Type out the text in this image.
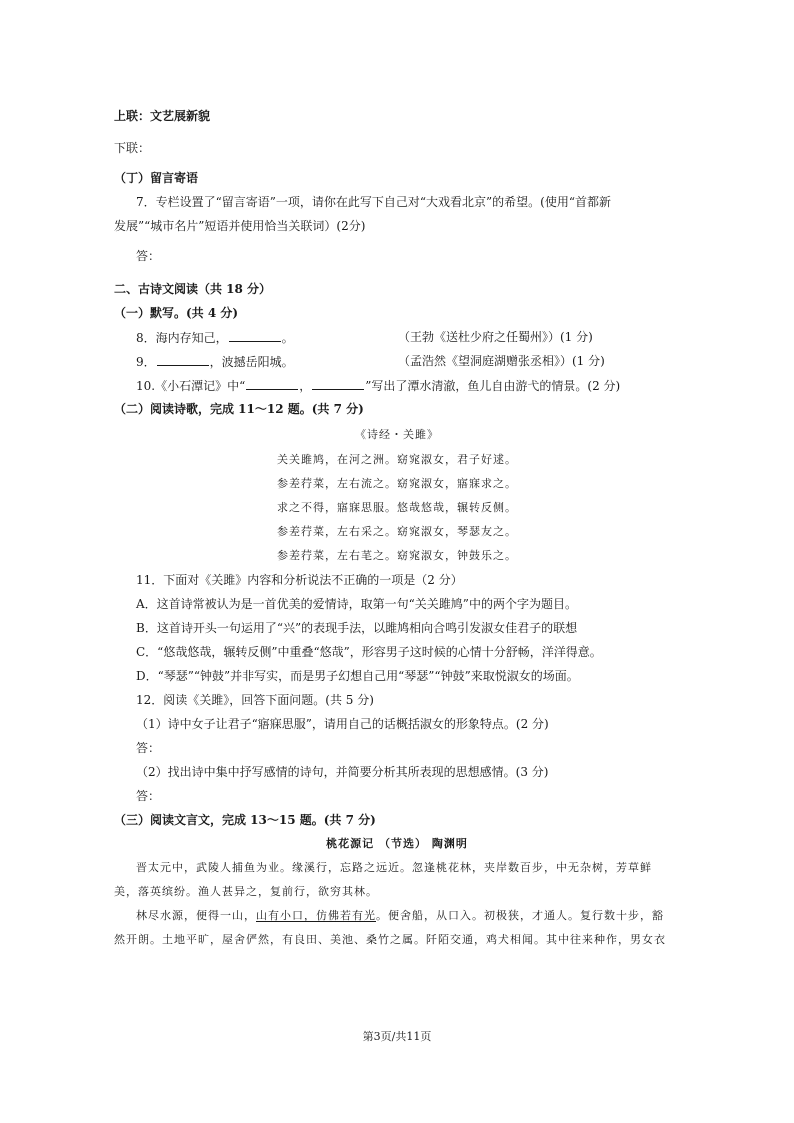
上联：文艺展新貌
下联：
（丁）留言寄语
7．专栏设置了“留言寄语”一项，请你在此写下自己对“大戏看北京”的希望。(使用“首都新
发展”“城市名片”短语并使用恰当关联词）(2分)
答：
二、古诗文阅读（共 18 分）
（一）默写。(共 4 分)
8．海内存知己，	。	（王勃《送杜少府之任蜀州》）(1 分)
9．	，波撼岳阳城。	（孟浩然《望洞庭湖赠张丞相》）(1 分)
10.《小石潭记》中“	，	”写出了潭水清澈，鱼儿自由游弋的情景。(2 分)
（二）阅读诗歌，完成 11～12 题。(共 7 分)
《诗经・关雎》
关关雎鸠，在河之洲。窈窕淑女，君子好逑。
参差荇菜，左右流之。窈窕淑女，寤寐求之。
求之不得，寤寐思服。悠哉悠哉，辗转反侧。
参差荇菜，左右采之。窈窕淑女，琴瑟友之。
参差荇菜，左右芼之。窈窕淑女，钟鼓乐之。
11．下面对《关雎》内容和分析说法不正确的一项是（2 分）
A．这首诗常被认为是一首优美的爱情诗，取第一句“关关雎鸠”中的两个字为题目。
B．这首诗开头一句运用了“兴”的表现手法，以雎鸠相向合鸣引发淑女佳君子的联想
C．“悠哉悠哉，辗转反侧”中重叠“悠哉”，形容男子这时候的心情十分舒畅，洋洋得意。
D．“琴瑟”“钟鼓”并非写实，而是男子幻想自己用“琴瑟”“钟鼓”来取悦淑女的场面。
12．阅读《关雎》，回答下面问题。(共 5 分)
（1）诗中女子让君子“寤寐思服”，请用自己的话概括淑女的形象特点。(2 分)
答：
（2）找出诗中集中抒写感情的诗句，并简要分析其所表现的思想感情。(3 分)
答：
（三）阅读文言文，完成 13～15 题。(共 7 分)
桃花源记 （节选） 陶渊明
晋太元中，武陵人捕鱼为业。缘溪行，忘路之远近。忽逢桃花林，夹岸数百步，中无杂树，芳草鲜
美，落英缤纷。渔人甚异之，复前行，欲穷其林。
林尽水源，便得一山，山有小口，仿佛若有光。便舍船，从口入。初极狭，才通人。复行数十步，豁
然开朗。土地平旷，屋舍俨然，有良田、美池、桑竹之属。阡陌交通，鸡犬相闻。其中往来种作，男女衣
第3页/共11页
